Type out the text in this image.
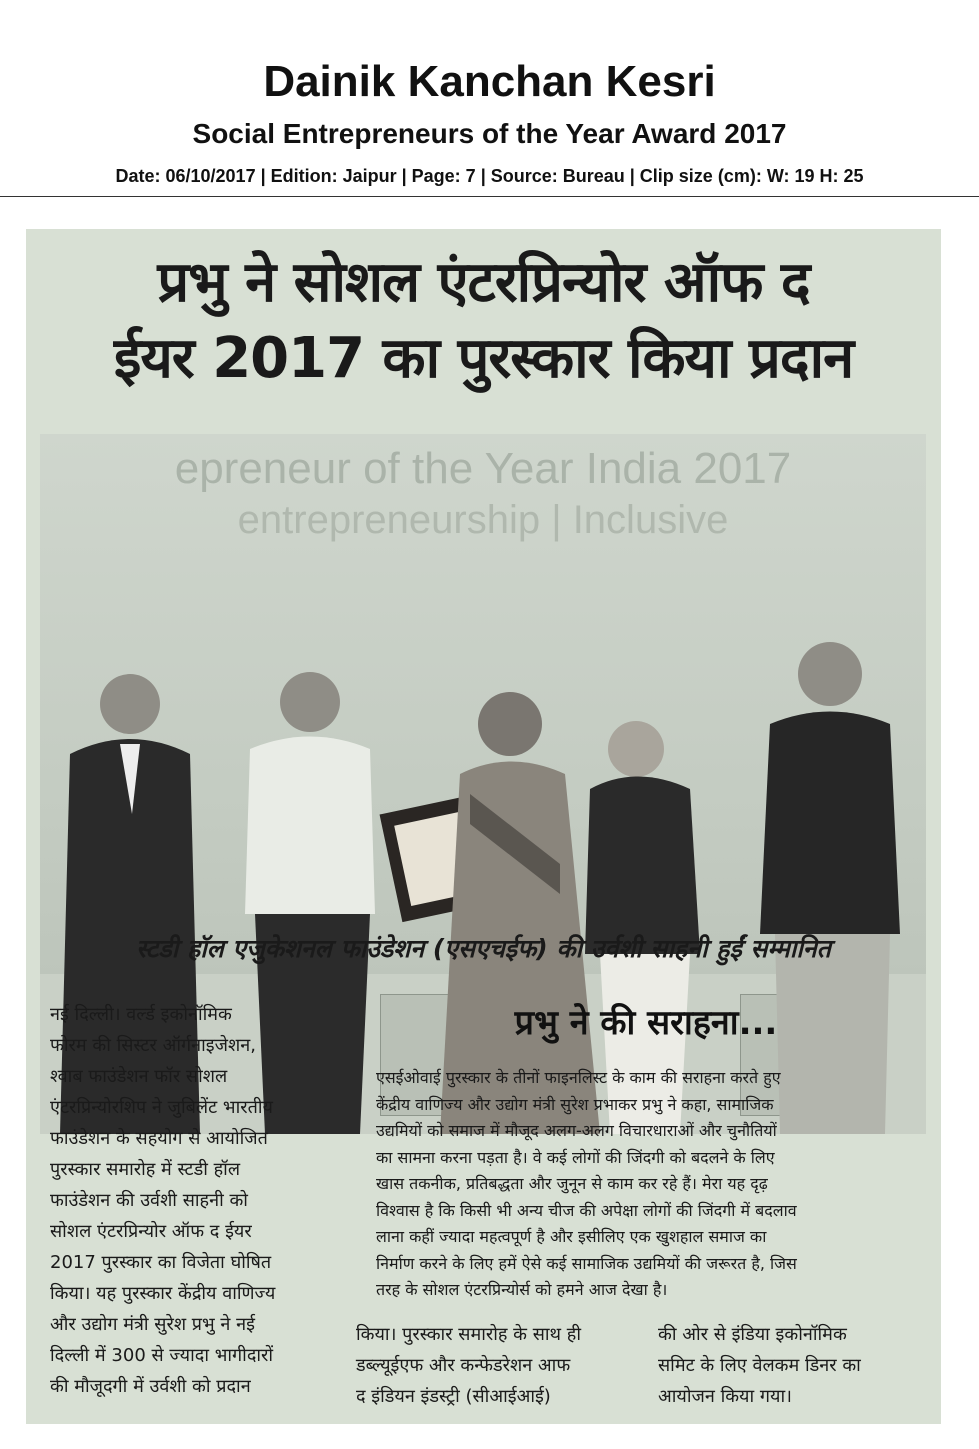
Dainik Kanchan Kesri
Social Entrepreneurs of the Year Award 2017
Date: 06/10/2017 | Edition: Jaipur | Page: 7 | Source: Bureau | Clip size (cm): W: 19 H: 25
प्रभु ने सोशल एंटरप्रिन्योर ऑफ द
ईयर 2017 का पुरस्कार किया प्रदान
epreneur of the Year India 2017
entrepreneurship | Inclusive
स्टडी हॉल एजुकेशनल फाउंडेशन (एसएचईफ) की उर्वशी साहनी हुईं सम्मानित
नई दिल्ली। वर्ल्ड इकोनॉमिक
फोरम की सिस्टर ऑर्गनाइजेशन,
श्वाब फाउंडेशन फॉर सोशल
एंटरप्रिन्योरशिप ने जुबिलेंट भारतीय
फाउंडेशन के सहयोग से आयोजित
पुरस्कार समारोह में स्टडी हॉल
फाउंडेशन की उर्वशी साहनी को
सोशल एंटरप्रिन्योर ऑफ द ईयर
2017 पुरस्कार का विजेता घोषित
किया। यह पुरस्कार केंद्रीय वाणिज्य
और उद्योग मंत्री सुरेश प्रभु ने नई
दिल्ली में 300 से ज्यादा भागीदारों
की मौजूदगी में उर्वशी को प्रदान
प्रभु ने की सराहना...
एसईओवाई पुरस्कार के तीनों फाइनलिस्ट के काम की सराहना करते हुए
केंद्रीय वाणिज्य और उद्योग मंत्री सुरेश प्रभाकर प्रभु ने कहा, सामाजिक
उद्यमियों को समाज में मौजूद अलग-अलग विचारधाराओं और चुनौतियों
का सामना करना पड़ता है। वे कई लोगों की जिंदगी को बदलने के लिए
खास तकनीक, प्रतिबद्धता और जुनून से काम कर रहे हैं। मेरा यह दृढ़
विश्वास है कि किसी भी अन्य चीज की अपेक्षा लोगों की जिंदगी में बदलाव
लाना कहीं ज्यादा महत्वपूर्ण है और इसीलिए एक खुशहाल समाज का
निर्माण करने के लिए हमें ऐसे कई सामाजिक उद्यमियों की जरूरत है, जिस
तरह के सोशल एंटरप्रिन्योर्स को हमने आज देखा है।
किया। पुरस्कार समारोह के साथ ही
डब्ल्यूईएफ और कन्फेडरेशन आफ
द इंडियन इंडस्ट्री (सीआईआई)
की ओर से इंडिया इकोनॉमिक
समिट के लिए वेलकम डिनर का
आयोजन किया गया।
